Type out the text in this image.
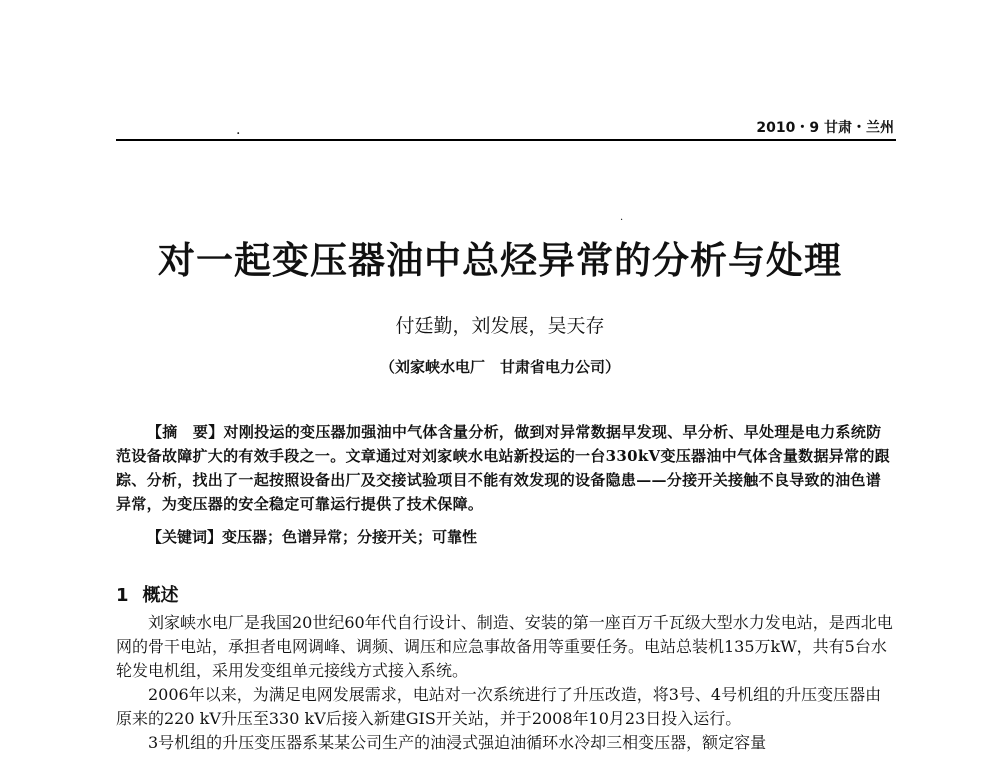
.	2010・9 甘肃・兰州
.
对一起变压器油中总烃异常的分析与处理
付廷勤，刘发展，吴天存
（刘家峡水电厂　甘肃省电力公司）

【摘　要】对刚投运的变压器加强油中气体含量分析，做到对异常数据早发现、早分析、早处理是电力系统防范设备故障扩大的有效手段之一。文章通过对刘家峡水电站新投运的一台330kV变压器油中气体含量数据异常的跟踪、分析，找出了一起按照设备出厂及交接试验项目不能有效发现的设备隐患——分接开关接触不良导致的油色谱异常，为变压器的安全稳定可靠运行提供了技术保障。

【关键词】变压器；色谱异常；分接开关；可靠性
1 概述

刘家峡水电厂是我国20世纪60年代自行设计、制造、安装的第一座百万千瓦级大型水力发电站，是西北电网的骨干电站，承担者电网调峰、调频、调压和应急事故备用等重要任务。电站总装机135万kW，共有5台水轮发电机组，采用发变组单元接线方式接入系统。

2006年以来，为满足电网发展需求，电站对一次系统进行了升压改造，将3号、4号机组的升压变压器由原来的220 kV升压至330 kV后接入新建GIS开关站，并于2008年10月23日投入运行。

3号机组的升压变压器系某某公司生产的油浸式强迫油循环水冷却三相变压器，额定容量
